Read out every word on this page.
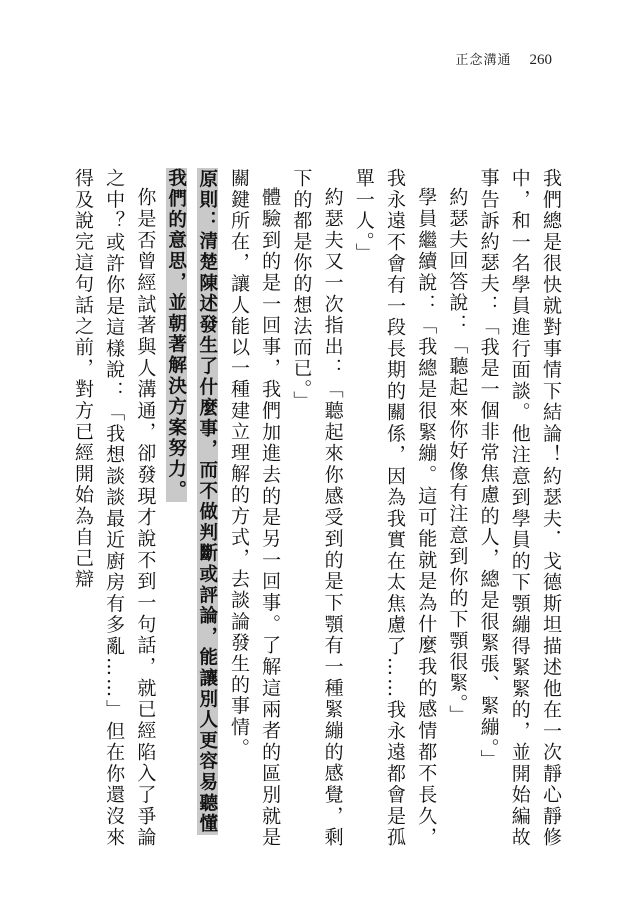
正念溝通 260

我們總是很快就對事情下結論！約瑟夫．戈德斯坦描述他在一次靜心靜修中，和一名學員進行面談。他注意到學員的下顎繃得緊緊的，並開始編故事告訴約瑟夫：「我是一個非常焦慮的人，總是很緊張、緊繃。」

約瑟夫回答說：「聽起來你好像有注意到你的下顎很緊。」

學員繼續說：「我總是很緊繃。這可能就是為什麼我的感情都不長久，我永遠不會有一段長期的關係，因為我實在太焦慮了……我永遠都會是孤單一人。」

約瑟夫又一次指出：「聽起來你感受到的是下顎有一種緊繃的感覺，剩下的都是你的想法而已。」

體驗到的是一回事，我們加進去的是另一回事。了解這兩者的區別就是關鍵所在，讓人能以一種建立理解的方式，去談論發生的事情。

原則：清楚陳述發生了什麼事，而不做判斷或評論，能讓別人更容易聽懂我們的意思，並朝著解決方案努力。

你是否曾經試著與人溝通，卻發現才說不到一句話，就已經陷入了爭論之中？或許你是這樣說：「我想談談最近廚房有多亂……」但在你還沒來得及說完這句話之前，對方已經開始為自己辯
